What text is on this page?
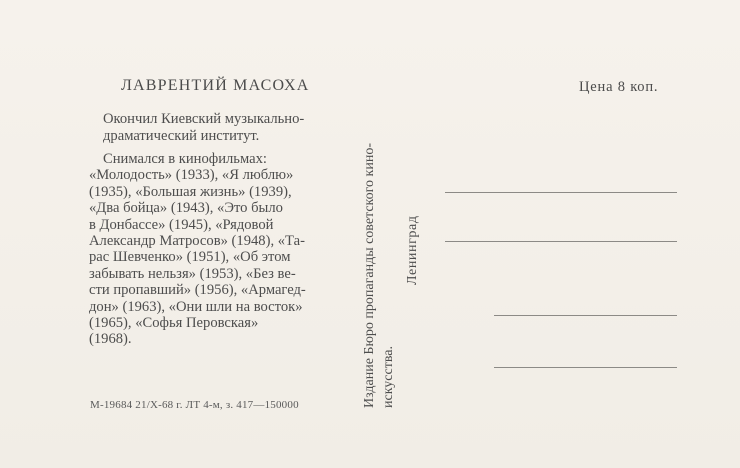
ЛАВРЕНТИЙ МАСОХА
Окончил Киевский музыкально-
драматический институт.
Снимался в кинофильмах:
«Молодость» (1933), «Я люблю»
(1935), «Большая жизнь» (1939),
«Два бойца» (1943), «Это было
в Донбассе» (1945), «Рядовой
Александр Матросов» (1948), «Та-
рас Шевченко» (1951), «Об этом
забывать нельзя» (1953), «Без ве-
сти пропавший» (1956), «Армагед-
дон» (1963), «Они шли на восток»
(1965), «Софья Перовская»
(1968).
М-19684 21/Х-68 г. ЛТ 4-м, з. 417—150000	Издание Бюро пропаганды советского кино- искусства.
Ленинград
Цена 8 коп.
